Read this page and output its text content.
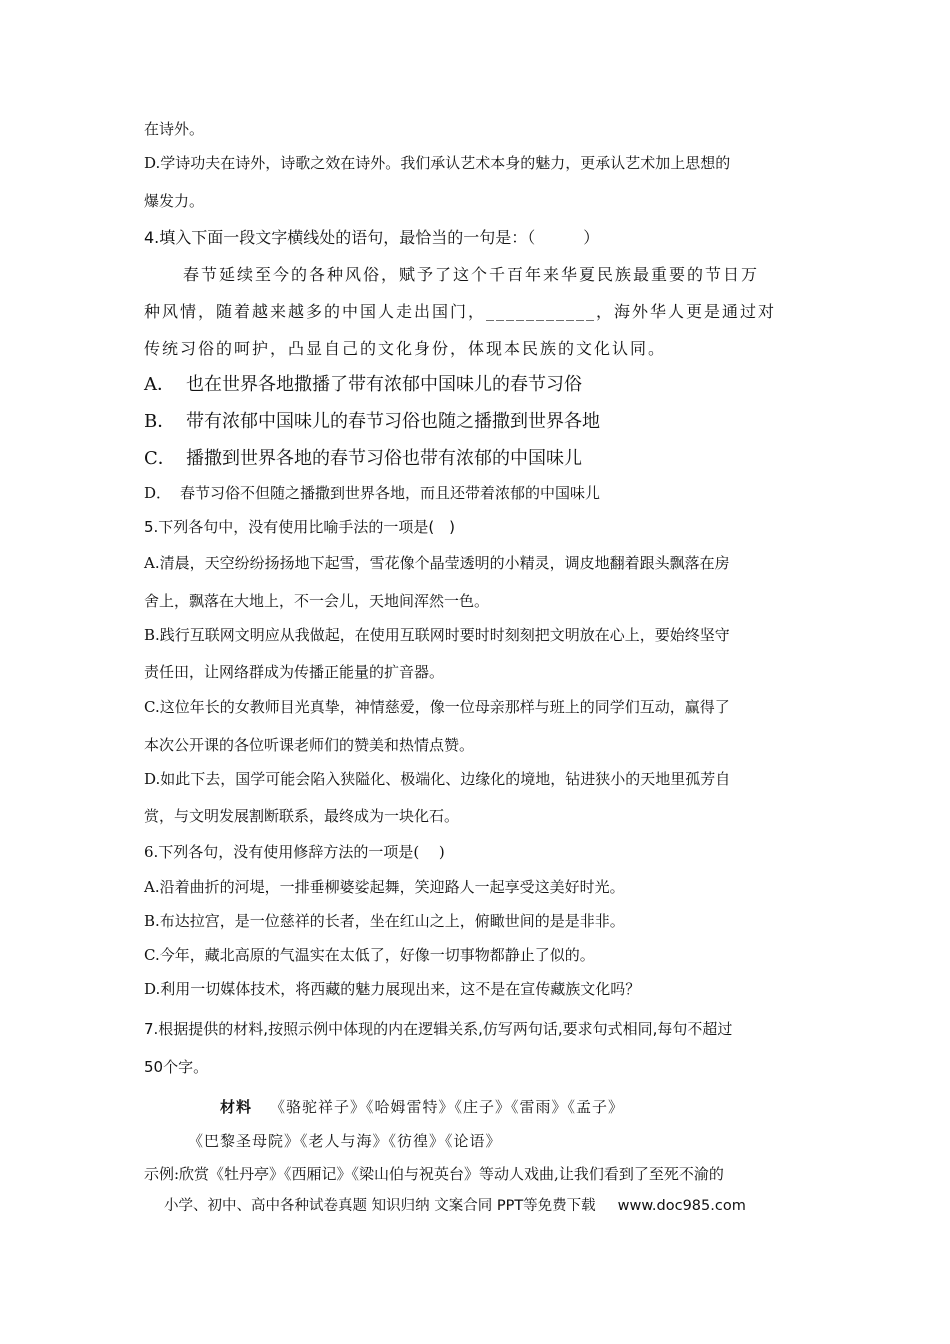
在诗外。
D.学诗功夫在诗外，诗歌之效在诗外。我们承认艺术本身的魅力，更承认艺术加上思想的
爆发力。
4.填入下面一段文字横线处的语句，最恰当的一句是：（　　　）
春节延续至今的各种风俗，赋予了这个千百年来华夏民族最重要的节日万
种风情，随着越来越多的中国人走出国门，___________，海外华人更是通过对
传统习俗的呵护，凸显自己的文化身份，体现本民族的文化认同。
A． 也在世界各地撒播了带有浓郁中国味儿的春节习俗
B． 带有浓郁中国味儿的春节习俗也随之播撒到世界各地
C． 播撒到世界各地的春节习俗也带有浓郁的中国味儿
D． 春节习俗不但随之播撒到世界各地，而且还带着浓郁的中国味儿
5.下列各句中，没有使用比喻手法的一项是(　)
A.清晨，天空纷纷扬扬地下起雪，雪花像个晶莹透明的小精灵，调皮地翻着跟头飘落在房
舍上，飘落在大地上，不一会儿，天地间浑然一色。
B.践行互联网文明应从我做起，在使用互联网时要时时刻刻把文明放在心上，要始终坚守
责任田，让网络群成为传播正能量的扩音器。
C.这位年长的女教师目光真挚，神情慈爱，像一位母亲那样与班上的同学们互动，赢得了
本次公开课的各位听课老师们的赞美和热情点赞。
D.如此下去，国学可能会陷入狭隘化、极端化、边缘化的境地，钻进狭小的天地里孤芳自
赏，与文明发展割断联系，最终成为一块化石。
6.下列各句，没有使用修辞方法的一项是(　 )
A.沿着曲折的河堤，一排垂柳婆娑起舞，笑迎路人一起享受这美好时光。
B.布达拉宫，是一位慈祥的长者，坐在红山之上，俯瞰世间的是是非非。
C.今年，藏北高原的气温实在太低了，好像一切事物都静止了似的。
D.利用一切媒体技术，将西藏的魅力展现出来，这不是在宣传藏族文化吗？
7.根据提供的材料,按照示例中体现的内在逻辑关系,仿写两句话,要求句式相同,每句不超过
50个字。
材料 《骆驼祥子》《哈姆雷特》《庄子》《雷雨》《孟子》
《巴黎圣母院》《老人与海》《彷徨》《论语》
示例:欣赏《牡丹亭》《西厢记》《梁山伯与祝英台》等动人戏曲,让我们看到了至死不渝的
小学、初中、高中各种试卷真题 知识归纳 文案合同 PPT等免费下载 www.doc985.com
